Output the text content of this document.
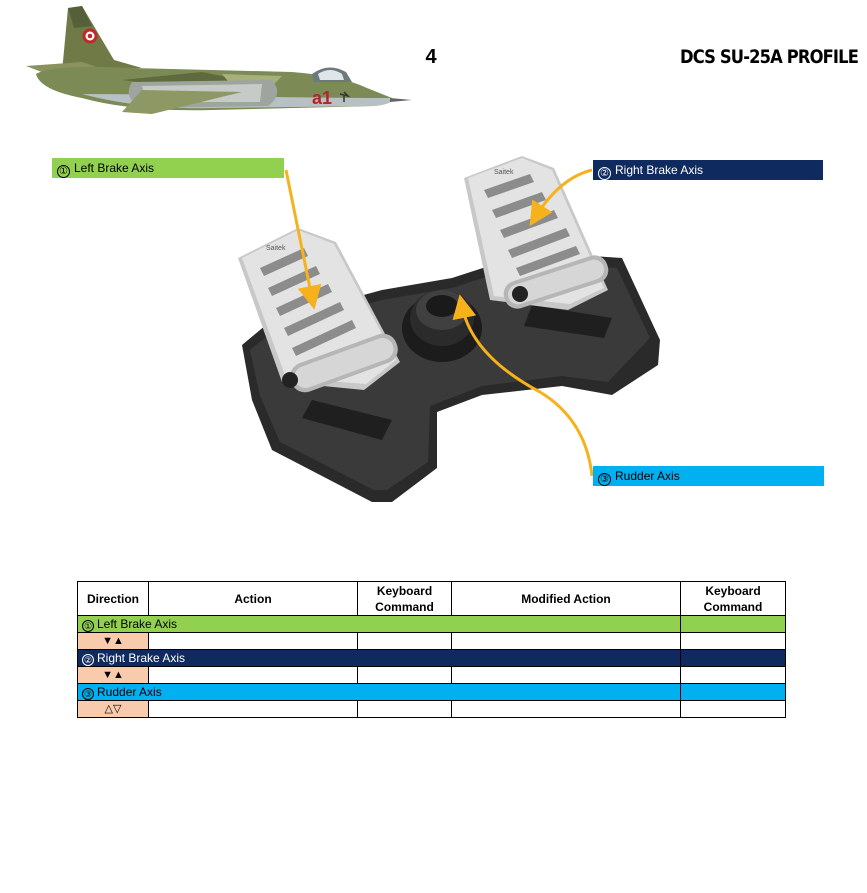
a1
4	DCS SU-25A PROFILE
Saitek
Saitek
① Left Brake Axis	② Right Brake Axis
③ Rudder Axis
Direction	Action	Keyboard Command	Modified Action	Keyboard Command
① Left Brake Axis				
▼▲				
② Right Brake Axis				
▼▲				
③ Rudder Axis				
△▽				
